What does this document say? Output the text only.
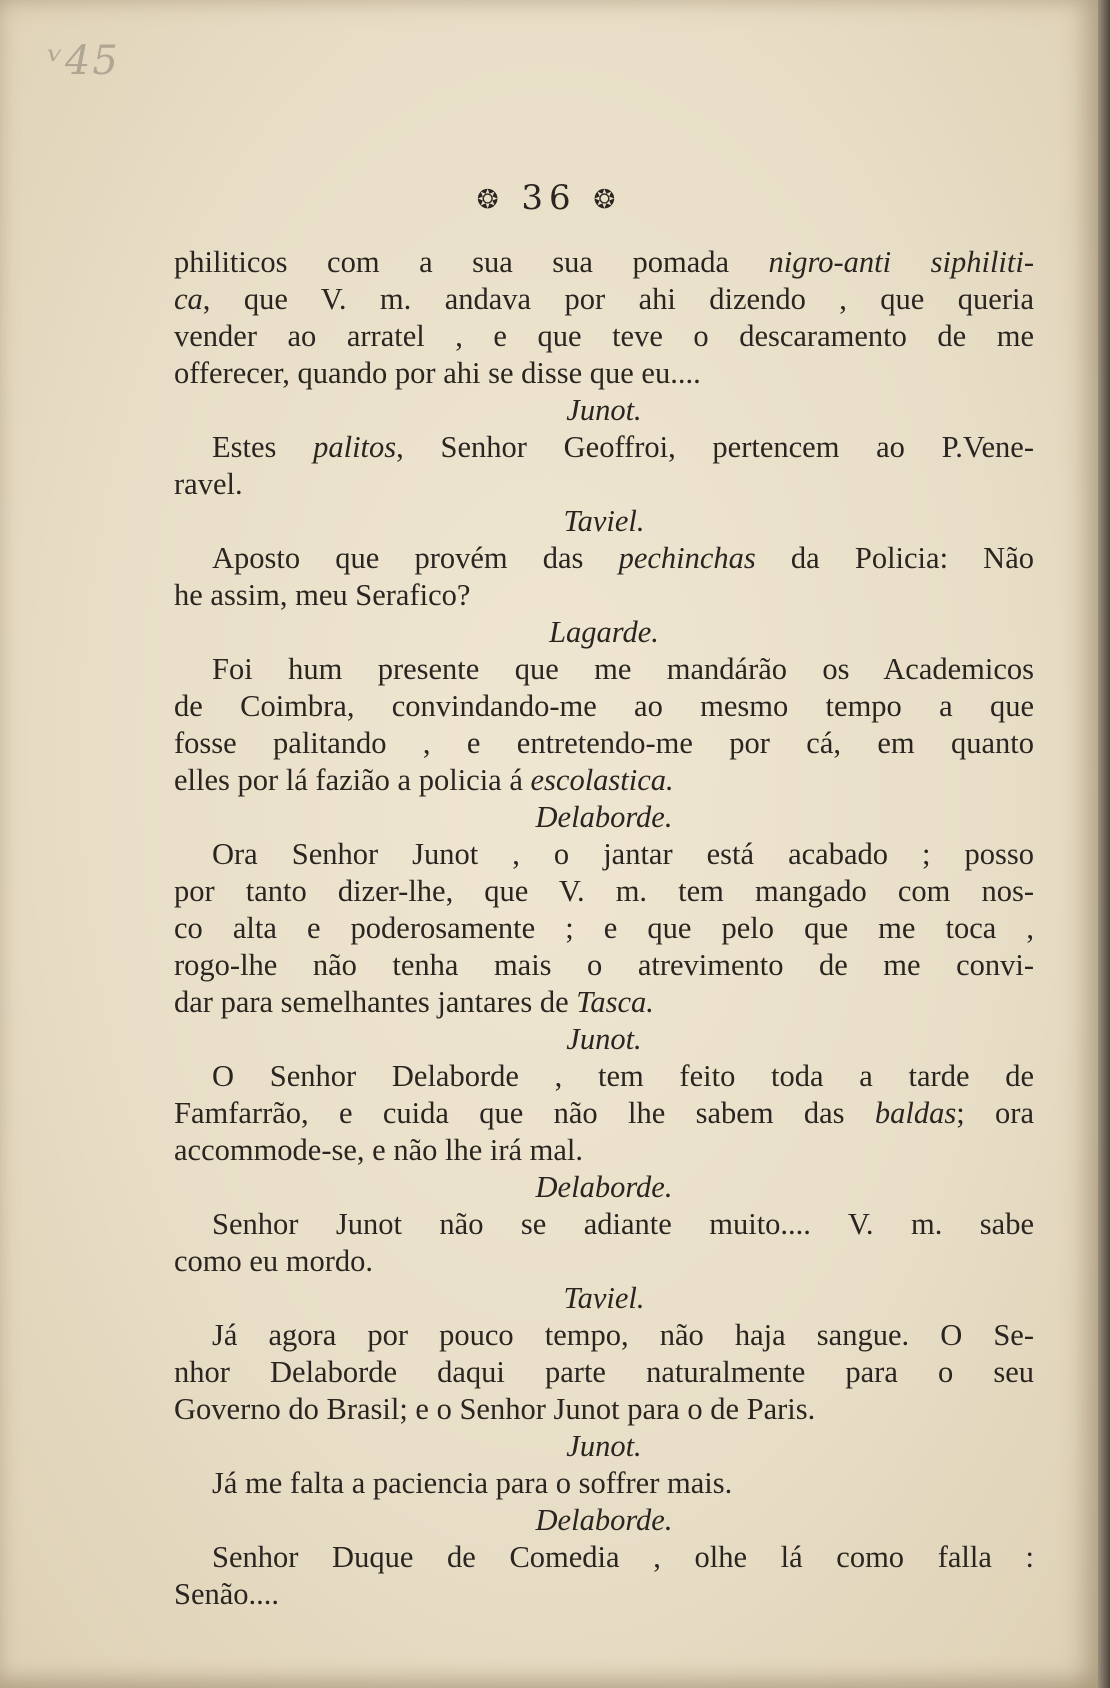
ᵛ45
❂ 36 ❂
philiticos com a sua sua pomada nigro-anti siphiliti-
ca, que V. m. andava por ahi dizendo , que queria
vender ao arratel , e que teve o descaramento de me
offerecer, quando por ahi se disse que eu....
Junot.
Estes palitos, Senhor Geoffroi, pertencem ao P.Vene-
ravel.
Taviel.
Aposto que provém das pechinchas da Policia: Não
he assim, meu Serafico?
Lagarde.
Foi hum presente que me mandárão os Academicos
de Coimbra, convindando-me ao mesmo tempo a que
fosse palitando , e entretendo-me por cá, em quanto
elles por lá fazião a policia á escolastica.
Delaborde.
Ora Senhor Junot , o jantar está acabado ; posso
por tanto dizer-lhe, que V. m. tem mangado com nos-
co alta e poderosamente ; e que pelo que me toca ,
rogo-lhe não tenha mais o atrevimento de me convi-
dar para semelhantes jantares de Tasca.
Junot.
O Senhor Delaborde , tem feito toda a tarde de
Famfarrão, e cuida que não lhe sabem das baldas; ora
accommode-se, e não lhe irá mal.
Delaborde.
Senhor Junot não se adiante muito.... V. m. sabe
como eu mordo.
Taviel.
Já agora por pouco tempo, não haja sangue. O Se-
nhor Delaborde daqui parte naturalmente para o seu
Governo do Brasil; e o Senhor Junot para o de Paris.
Junot.
Já me falta a paciencia para o soffrer mais.
Delaborde.
Senhor Duque de Comedia , olhe lá como falla :
Senão....
